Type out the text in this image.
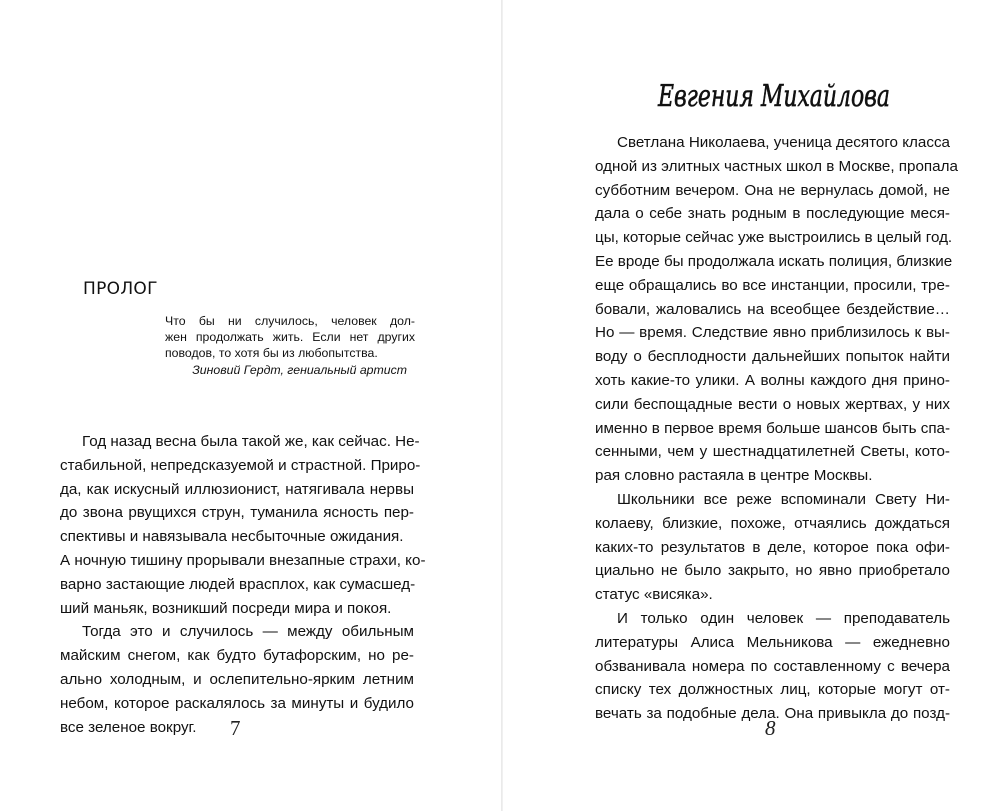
ПРОЛОГ
Что бы ни случилось, человек дол-
жен продолжать жить. Если нет других
поводов, то хотя бы из любопытства.
Зиновий Гердт, гениальный артист
Год назад весна была такой же, как сейчас. Не-
стабильной, непредсказуемой и страстной. Приро-
да, как искусный иллюзионист, натягивала нервы
до звона рвущихся струн, туманила ясность пер-
спективы и навязывала несбыточные ожидания.
А ночную тишину прорывали внезапные страхи, ко-
варно застающие людей врасплох, как сумасшед-
ший маньяк, возникший посреди мира и покоя.
Тогда это и случилось — между обильным
майским снегом, как будто бутафорским, но ре-
ально холодным, и ослепительно-ярким летним
небом, которое раскалялось за минуты и будило
все зеленое вокруг.	7
Евгения Михайлова
Светлана Николаева, ученица десятого класса
одной из элитных частных школ в Москве, пропала
субботним вечером. Она не вернулась домой, не
дала о себе знать родным в последующие меся-
цы, которые сейчас уже выстроились в целый год.
Ее вроде бы продолжала искать полиция, близкие
еще обращались во все инстанции, просили, тре-
бовали, жаловались на всеобщее бездействие…
Но — время. Следствие явно приблизилось к вы-
воду о бесплодности дальнейших попыток найти
хоть какие-то улики. А волны каждого дня прино-
сили беспощадные вести о новых жертвах, у них
именно в первое время больше шансов быть спа-
сенными, чем у шестнадцатилетней Светы, кото-
рая словно растаяла в центре Москвы.
Школьники все реже вспоминали Свету Ни-
колаеву, близкие, похоже, отчаялись дождаться
каких-то результатов в деле, которое пока офи-
циально не было закрыто, но явно приобретало
статус «висяка».
И только один человек — преподаватель
литературы Алиса Мельникова — ежедневно
обзванивала номера по составленному с вечера
списку тех должностных лиц, которые могут от-
вечать за подобные дела. Она привыкла до позд-
8
